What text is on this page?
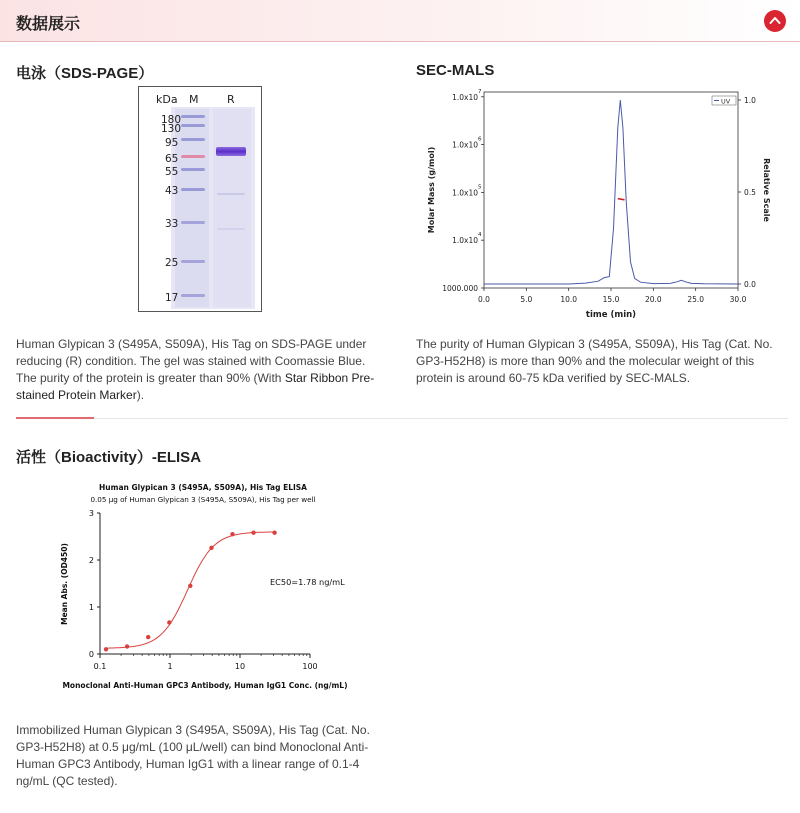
数据展示
电泳（SDS-PAGE）
kDa M	R
180
130
95
65
55
43
33
25
17
Human Glypican 3 (S495A, S509A), His Tag on SDS-PAGE under reducing (R) condition. The gel was stained with Coomassie Blue. The purity of the protein is greater than 90% (With Star Ribbon Pre-stained Protein Marker).
SEC-MALS
1000.000
1.0x10
4
1.0x10
5
1.0x10
6
1.0x10
7
0.0	5.0	10.0	15.0	20.0	25.0	30.0
0.0
0.5
1.0
UV
time (min)
Molar Mass (g/mol)	Relative Scale
The purity of Human Glypican 3 (S495A, S509A), His Tag (Cat. No. GP3-H52H8) is more than 90% and the molecular weight of this protein is around 60-75 kDa verified by SEC-MALS.
活性（Bioactivity）-ELISA
Human Glypican 3 (S495A, S509A), His Tag ELISA
0.05 μg of Human Glypican 3 (S495A, S509A), His Tag per well
0
1
2
3
0.1	1	10	100
EC50=1.78 ng/mL
Monoclonal Anti-Human GPC3 Antibody, Human IgG1 Conc. (ng/mL)
Mean Abs. (OD450)
Immobilized Human Glypican 3 (S495A, S509A), His Tag (Cat. No. GP3-H52H8) at 0.5 μg/mL (100 μL/well) can bind Monoclonal Anti-Human GPC3 Antibody, Human IgG1 with a linear range of 0.1-4 ng/mL (QC tested).
